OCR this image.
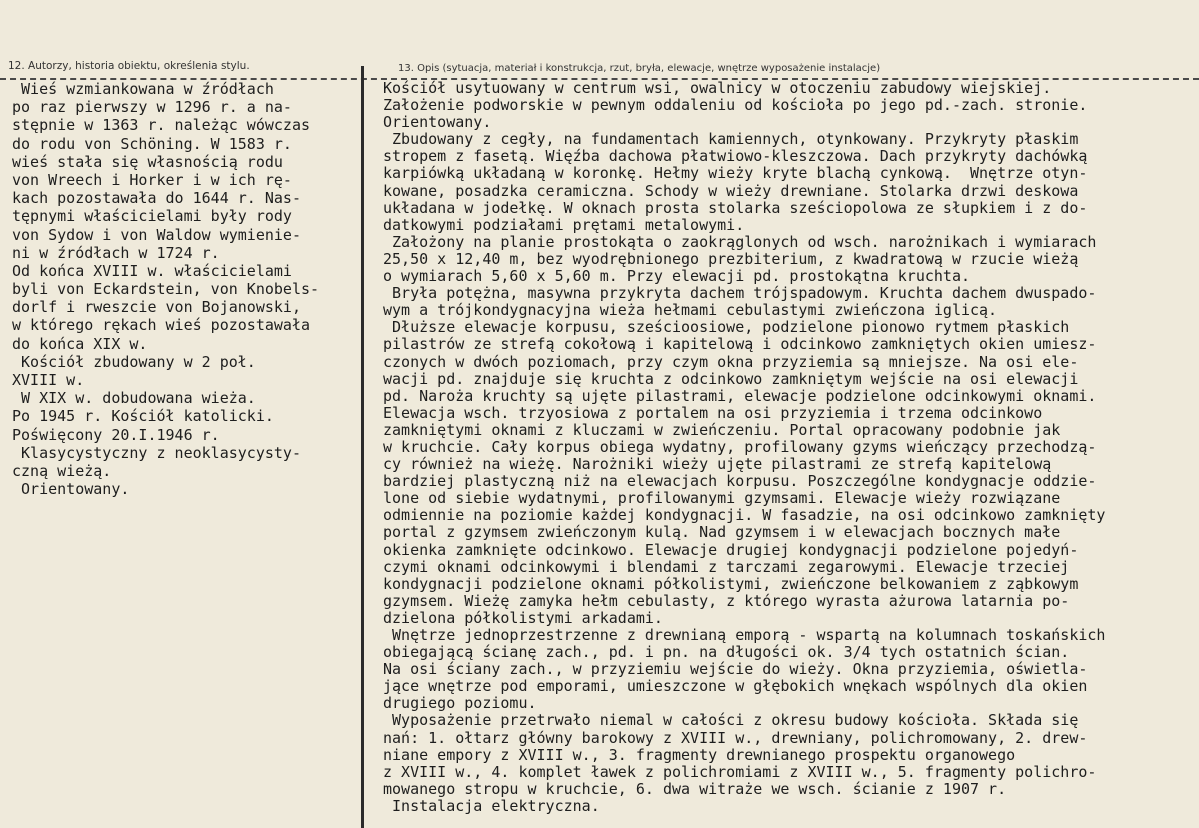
12. Autorzy, historia obiektu, określenia stylu.	13. Opis (sytuacja, materiał i konstrukcja, rzut, bryła, elewacje, wnętrze wyposażenie instalacje)
Wieś wzmiankowana w źródłach
po raz pierwszy w 1296 r. a na-
stępnie w 1363 r. należąc wówczas
do rodu von Schöning. W 1583 r.
wieś stała się własnością rodu
von Wreech i Horker i w ich rę-
kach pozostawała do 1644 r. Nas-
tępnymi właścicielami były rody
von Sydow i von Waldow wymienie-
ni w źródłach w 1724 r.
Od końca XVIII w. właścicielami
byli von Eckardstein, von Knobels-
dorlf i rweszcie von Bojanowski,
w którego rękach wieś pozostawała
do końca XIX w.
Kościół zbudowany w 2 poł.
XVIII w.
W XIX w. dobudowana wieża.
Po 1945 r. Kościół katolicki.
Poświęcony 20.I.1946 r.
Klasycystyczny z neoklasycysty-
czną wieżą.
Orientowany.
Kościół usytuowany w centrum wsi, owalnicy w otoczeniu zabudowy wiejskiej.
Założenie podworskie w pewnym oddaleniu od kościoła po jego pd.-zach. stronie.
Orientowany.
Zbudowany z cegły, na fundamentach kamiennych, otynkowany. Przykryty płaskim
stropem z fasetą. Więźba dachowa płatwiowo-kleszczowa. Dach przykryty dachówką
karpiówką układaną w koronkę. Hełmy wieży kryte blachą cynkową.  Wnętrze otyn-
kowane, posadzka ceramiczna. Schody w wieży drewniane. Stolarka drzwi deskowa
układana w jodełkę. W oknach prosta stolarka sześciopolowa ze słupkiem i z do-
datkowymi podziałami prętami metalowymi.
Założony na planie prostokąta o zaokrąglonych od wsch. narożnikach i wymiarach
25,50 x 12,40 m, bez wyodrębnionego prezbiterium, z kwadratową w rzucie wieżą
o wymiarach 5,60 x 5,60 m. Przy elewacji pd. prostokątna kruchta.
Bryła potężna, masywna przykryta dachem trójspadowym. Kruchta dachem dwuspado-
wym a trójkondygnacyjna wieża hełmami cebulastymi zwieńczona iglicą.
Dłuższe elewacje korpusu, sześcioosiowe, podzielone pionowo rytmem płaskich
pilastrów ze strefą cokołową i kapitelową i odcinkowo zamkniętych okien umiesz-
czonych w dwóch poziomach, przy czym okna przyziemia są mniejsze. Na osi ele-
wacji pd. znajduje się kruchta z odcinkowo zamkniętym wejście na osi elewacji
pd. Naroża kruchty są ujęte pilastrami, elewacje podzielone odcinkowymi oknami.
Elewacja wsch. trzyosiowa z portalem na osi przyziemia i trzema odcinkowo
zamkniętymi oknami z kluczami w zwieńczeniu. Portal opracowany podobnie jak
w kruchcie. Cały korpus obiega wydatny, profilowany gzyms wieńczący przechodzą-
cy również na wieżę. Narożniki wieży ujęte pilastrami ze strefą kapitelową
bardziej plastyczną niż na elewacjach korpusu. Poszczególne kondygnacje oddzie-
lone od siebie wydatnymi, profilowanymi gzymsami. Elewacje wieży rozwiązane
odmiennie na poziomie każdej kondygnacji. W fasadzie, na osi odcinkowo zamknięty
portal z gzymsem zwieńczonym kulą. Nad gzymsem i w elewacjach bocznych małe
okienka zamknięte odcinkowo. Elewacje drugiej kondygnacji podzielone pojedyń-
czymi oknami odcinkowymi i blendami z tarczami zegarowymi. Elewacje trzeciej
kondygnacji podzielone oknami półkolistymi, zwieńczone belkowaniem z ząbkowym
gzymsem. Wieżę zamyka hełm cebulasty, z którego wyrasta ażurowa latarnia po-
dzielona półkolistymi arkadami.
Wnętrze jednoprzestrzenne z drewnianą emporą - wspartą na kolumnach toskańskich
obiegającą ścianę zach., pd. i pn. na długości ok. 3/4 tych ostatnich ścian.
Na osi ściany zach., w przyziemiu wejście do wieży. Okna przyziemia, oświetla-
jące wnętrze pod emporami, umieszczone w głębokich wnękach wspólnych dla okien
drugiego poziomu.
Wyposażenie przetrwało niemal w całości z okresu budowy kościoła. Składa się
nań: 1. ołtarz główny barokowy z XVIII w., drewniany, polichromowany, 2. drew-
niane empory z XVIII w., 3. fragmenty drewnianego prospektu organowego
z XVIII w., 4. komplet ławek z polichromiami z XVIII w., 5. fragmenty polichro-
mowanego stropu w kruchcie, 6. dwa witraże we wsch. ścianie z 1907 r.
Instalacja elektryczna.
